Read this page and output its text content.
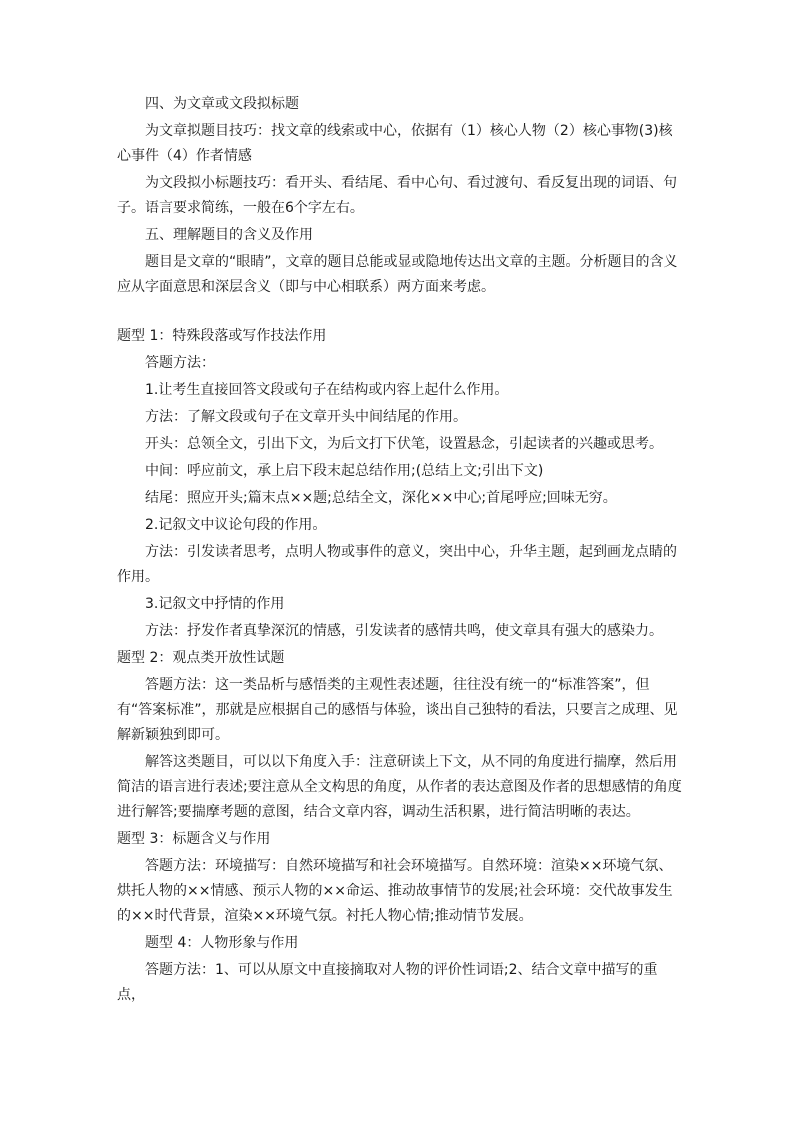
四、为文章或文段拟标题

为文章拟题目技巧：找文章的线索或中心，依据有（1）核心人物（2）核心事物(3)核心事件（4）作者情感

为文段拟小标题技巧：看开头、看结尾、看中心句、看过渡句、看反复出现的词语、句子。语言要求简练，一般在6个字左右。

五、理解题目的含义及作用

题目是文章的“眼睛”，文章的题目总能或显或隐地传达出文章的主题。分析题目的含义应从字面意思和深层含义（即与中心相联系）两方面来考虑。

题型 1：特殊段落或写作技法作用

答题方法：

1.让考生直接回答文段或句子在结构或内容上起什么作用。

方法：了解文段或句子在文章开头中间结尾的作用。

开头：总领全文，引出下文，为后文打下伏笔，设置悬念，引起读者的兴趣或思考。

中间：呼应前文，承上启下段末起总结作用;(总结上文;引出下文)

结尾：照应开头;篇末点××题;总结全文，深化××中心;首尾呼应;回味无穷。

2.记叙文中议论句段的作用。

方法：引发读者思考，点明人物或事件的意义，突出中心，升华主题，起到画龙点睛的作用。

3.记叙文中抒情的作用

方法：抒发作者真挚深沉的情感，引发读者的感情共鸣，使文章具有强大的感染力。

题型 2：观点类开放性试题

答题方法：这一类品析与感悟类的主观性表述题，往往没有统一的“标准答案”，但有“答案标准”，那就是应根据自己的感悟与体验，谈出自己独特的看法，只要言之成理、见解新颖独到即可。

解答这类题目，可以以下角度入手：注意研读上下文，从不同的角度进行揣摩，然后用简洁的语言进行表述;要注意从全文构思的角度，从作者的表达意图及作者的思想感情的角度进行解答;要揣摩考题的意图，结合文章内容，调动生活积累，进行简洁明晰的表达。

题型 3：标题含义与作用

答题方法：环境描写：自然环境描写和社会环境描写。自然环境：渲染××环境气氛、烘托人物的××情感、预示人物的××命运、推动故事情节的发展;社会环境：交代故事发生的××时代背景，渲染××环境气氛。衬托人物心情;推动情节发展。

题型 4：人物形象与作用

答题方法：1、可以从原文中直接摘取对人物的评价性词语;2、结合文章中描写的重点，
